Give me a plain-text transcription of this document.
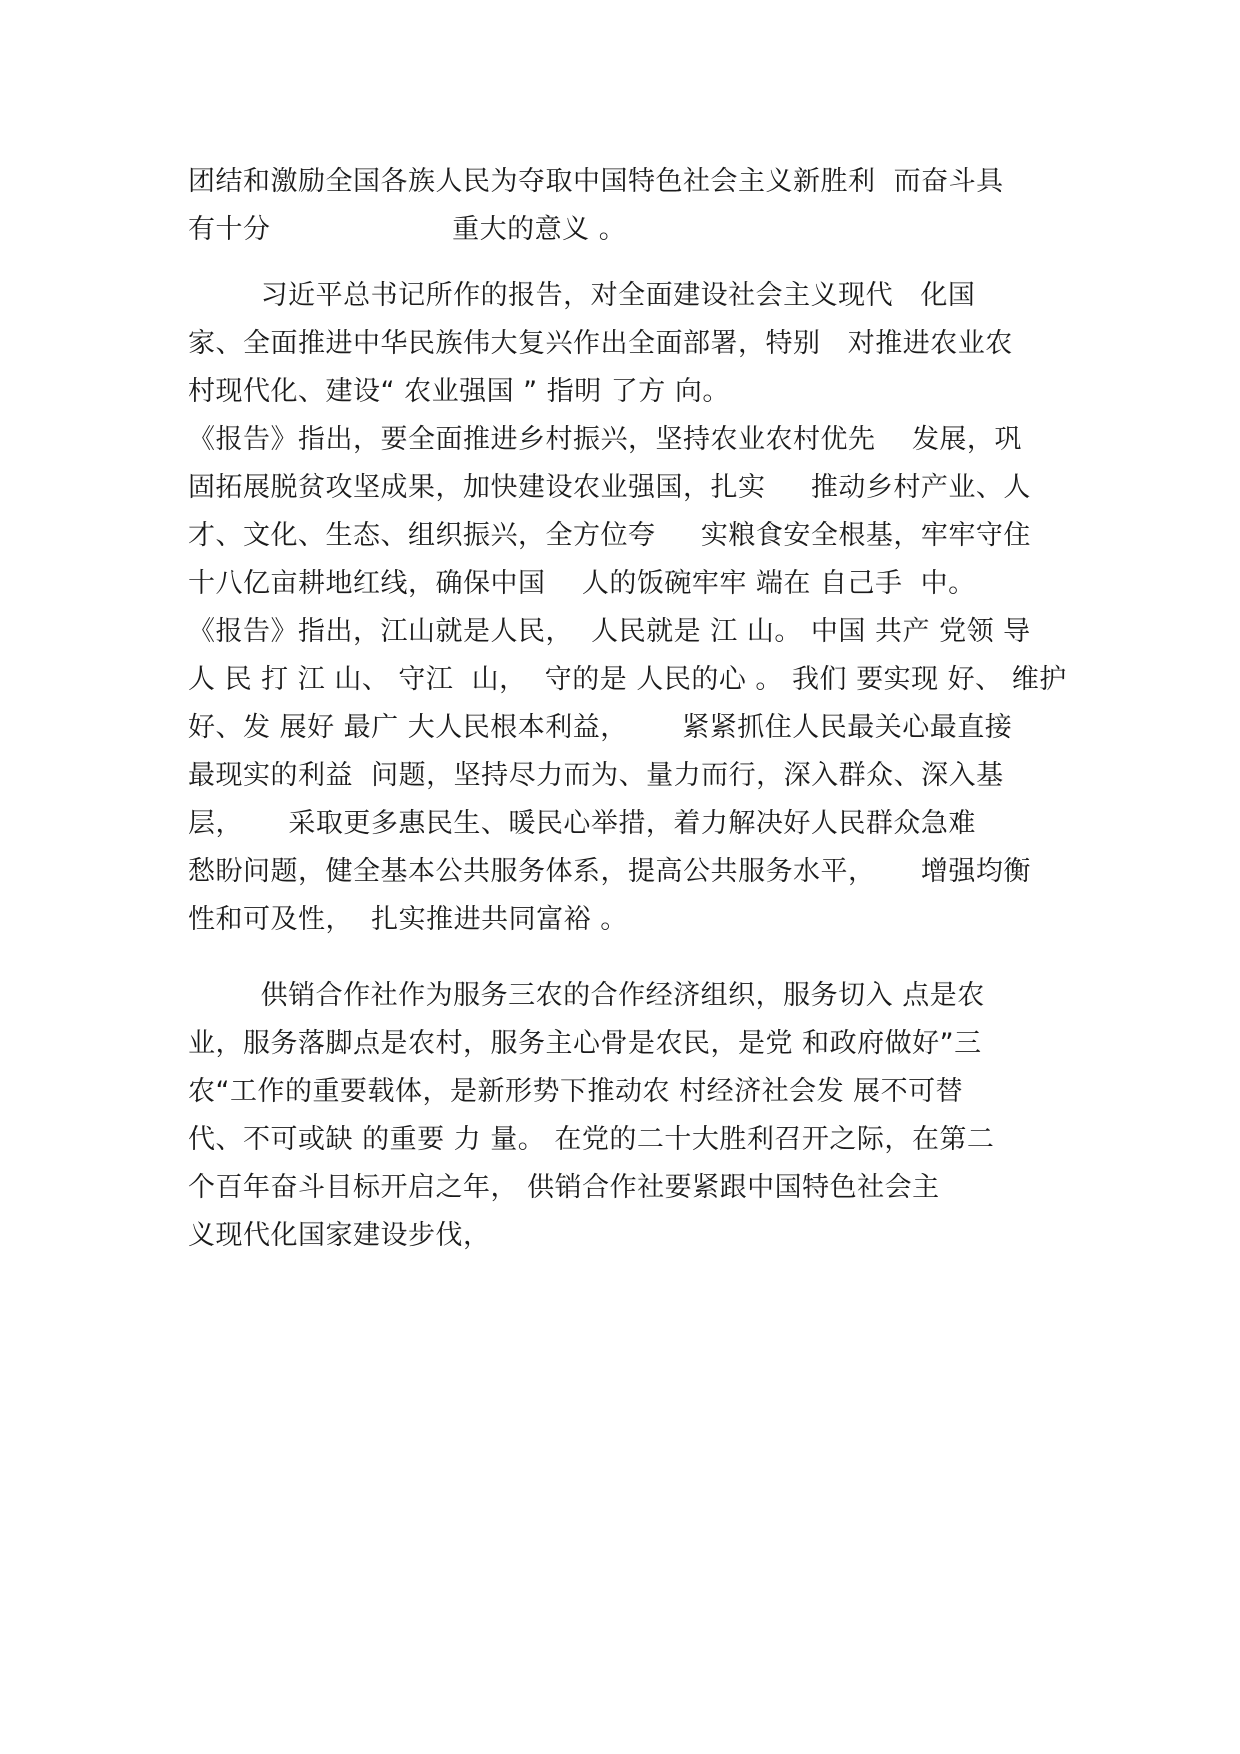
团结和激励全国各族人民为夺取中国特色社会主义新胜利  而奋斗具
有十分                    重大的意义 。
习近平总书记所作的报告，对全面建设社会主义现代   化国
家、全面推进中华民族伟大复兴作出全面部署，特别   对推进农业农
村现代化、建设“ 农业强国 ” 指明 了方 向。
《报告》指出，要全面推进乡村振兴，坚持农业农村优先    发展，巩
固拓展脱贫攻坚成果，加快建设农业强国，扎实     推动乡村产业、人
才、文化、生态、组织振兴，全方位夸     实粮食安全根基，牢牢守住
十八亿亩耕地红线，确保中国    人的饭碗牢牢 端在 自己手  中。
《报告》指出，江山就是人民，  人民就是 江 山。 中国 共产 党领 导
人 民 打 江 山、 守江  山，  守的是 人民的心 。 我们 要实现 好、 维护
好、发 展好 最广 大人民根本利益，      紧紧抓住人民最关心最直接
最现实的利益  问题，坚持尽力而为、量力而行，深入群众、深入基
层，     采取更多惠民生、暖民心举措，着力解决好人民群众急难
愁盼问题，健全基本公共服务体系，提高公共服务水平，     增强均衡
性和可及性，  扎实推进共同富裕 。
供销合作社作为服务三农的合作经济组织，服务切入 点是农
业，服务落脚点是农村，服务主心骨是农民，是党 和政府做好”三
农“工作的重要载体，是新形势下推动农 村经济社会发 展不可替
代、不可或缺 的重要 力 量。 在党的二十大胜利召开之际，在第二
个百年奋斗目标开启之年， 供销合作社要紧跟中国特色社会主
义现代化国家建设步伐，
